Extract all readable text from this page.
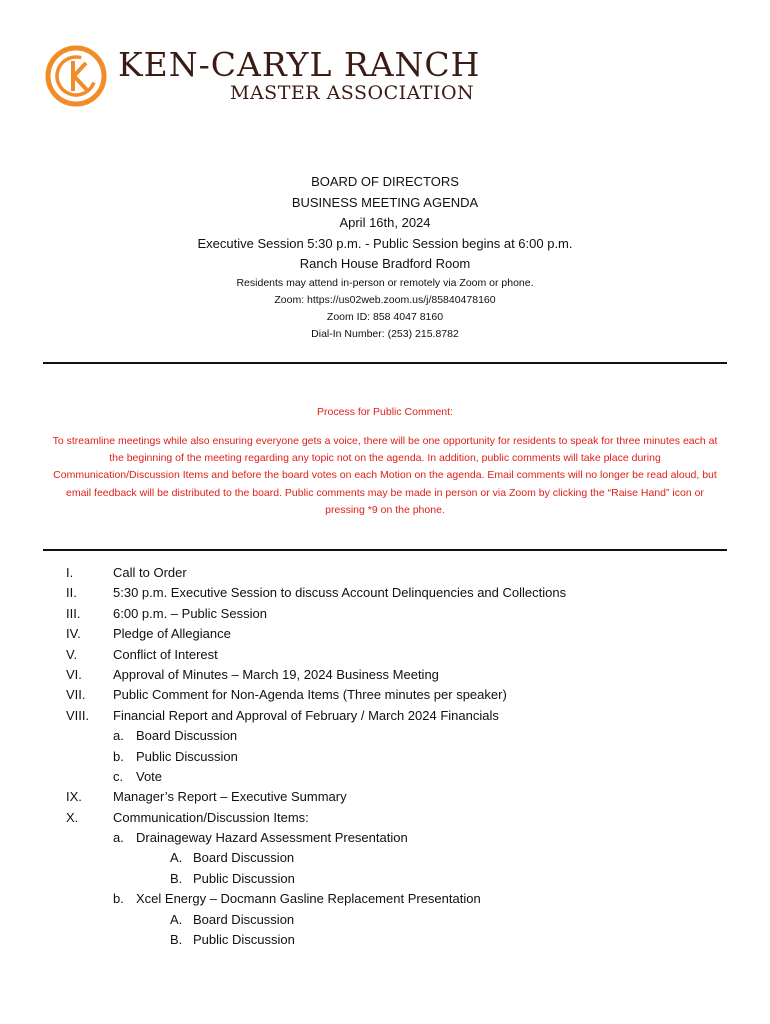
KEN-CARYL RANCH
MASTER ASSOCIATION
BOARD OF DIRECTORS
BUSINESS MEETING AGENDA
April 16th, 2024
Executive Session 5:30 p.m. - Public Session begins at 6:00 p.m.
Ranch House Bradford Room
Residents may attend in-person or remotely via Zoom or phone.
Zoom: https://us02web.zoom.us/j/85840478160
Zoom ID: 858 4047 8160
Dial-In Number: (253) 215.8782
Process for Public Comment:
To streamline meetings while also ensuring everyone gets a voice, there will be one opportunity for residents to speak for three minutes each at the beginning of the meeting regarding any topic not on the agenda. In addition, public comments will take place during Communication/Discussion Items and before the board votes on each Motion on the agenda. Email comments will no longer be read aloud, but email feedback will be distributed to the board. Public comments may be made in person or via Zoom by clicking the “Raise Hand” icon or pressing *9 on the phone.
I.	Call to Order
II.	5:30 p.m. Executive Session to discuss Account Delinquencies and Collections
III.	6:00 p.m. – Public Session
IV.	Pledge of Allegiance
V.	Conflict of Interest
VI.	Approval of Minutes – March 19, 2024 Business Meeting
VII.	Public Comment for Non-Agenda Items (Three minutes per speaker)
VIII.	Financial Report and Approval of February / March 2024 Financials
a. Board Discussion
b. Public Discussion
c. Vote
IX.	Manager’s Report – Executive Summary
X.	Communication/Discussion Items:
a. Drainageway Hazard Assessment Presentation
A. Board Discussion
B. Public Discussion
b. Xcel Energy – Docmann Gasline Replacement Presentation
A. Board Discussion
B. Public Discussion
